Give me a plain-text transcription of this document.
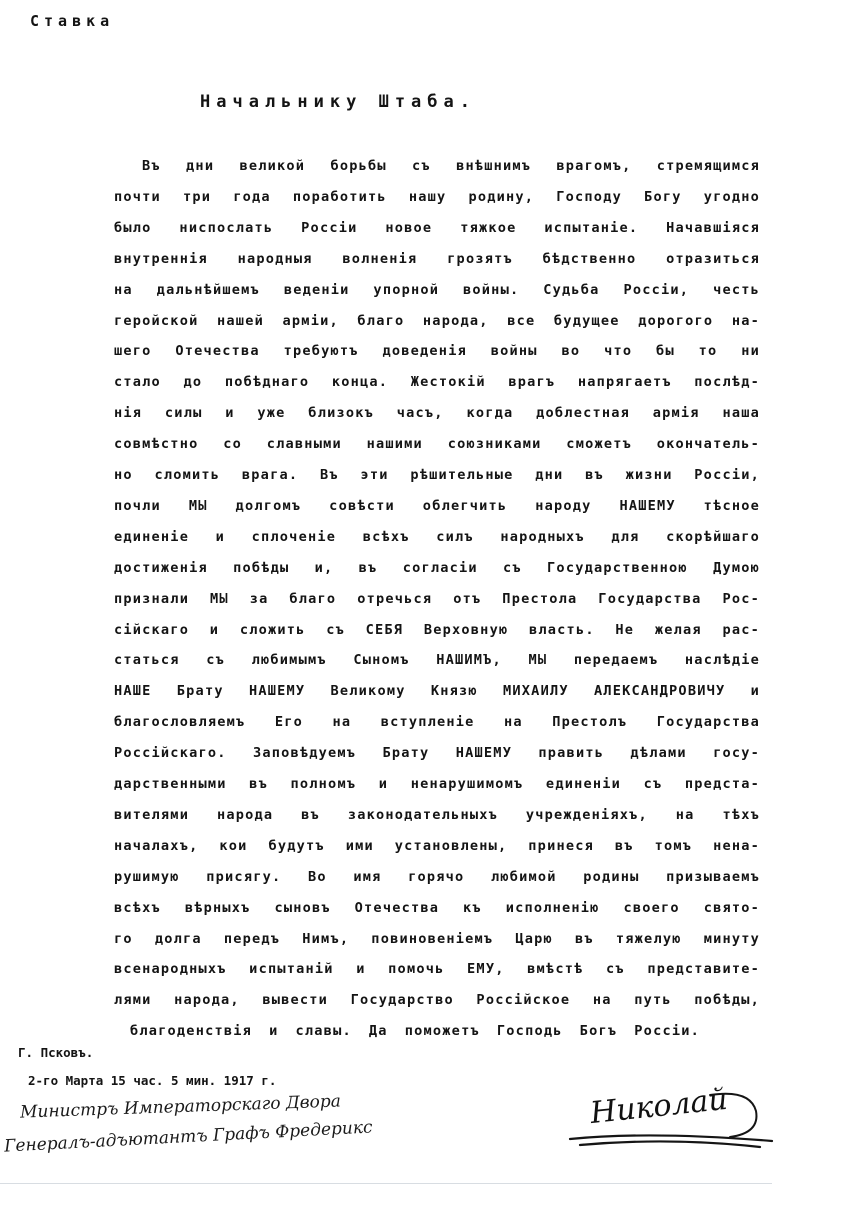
Ставка
Начальнику Штаба.
Въ дни великой борьбы съ внѣшнимъ врагомъ, стремящимся
почти три года поработить нашу родину, Господу Богу угодно
было ниспослать Россіи новое тяжкое испытаніе. Начавшіяся
внутреннія народныя волненія грозятъ бѣдственно отразиться
на дальнѣйшемъ веденіи упорной войны. Судьба Россіи, честь
геройской нашей арміи, благо народа, все будущее дорогого на-
шего Отечества требуютъ доведенія войны во что бы то ни
стало до побѣднаго конца. Жестокій врагъ напрягаетъ послѣд-
нія силы и уже близокъ часъ, когда доблестная армія наша
совмѣстно со славными нашими союзниками сможетъ окончатель-
но сломить врага. Въ эти рѣшительные дни въ жизни Россіи,
почли МЫ долгомъ совѣсти облегчить народу НАШЕМУ тѣсное
единеніе и сплоченіе всѣхъ силъ народныхъ для скорѣйшаго
достиженія побѣды и, въ согласіи съ Государственною Думою
признали МЫ за благо отречься отъ Престола Государства Рос-
сійскаго и сложить съ СЕБЯ Верховную власть. Не желая рас-
статься съ любимымъ Сыномъ НАШИМЪ, МЫ передаемъ наслѣдіе
НАШЕ Брату НАШЕМУ Великому Князю МИХАИЛУ АЛЕКСАНДРОВИЧУ и
благословляемъ Его на вступленіе на Престолъ Государства
Россійскаго. Заповѣдуемъ Брату НАШЕМУ править дѣлами госу-
дарственными въ полномъ и ненарушимомъ единеніи съ предста-
вителями народа въ законодательныхъ учрежденіяхъ, на тѣхъ
началахъ, кои будутъ ими установлены, принеся въ томъ нена-
рушимую присягу. Во имя горячо любимой родины призываемъ
всѣхъ вѣрныхъ сыновъ Отечества къ исполненію своего свято-
го долга передъ Нимъ, повиновеніемъ Царю въ тяжелую минуту
всенародныхъ испытаній и помочь ЕМУ, вмѣстѣ съ представите-
лями народа, вывести Государство Россійское на путь побѣды,
благоденствія и славы. Да поможетъ Господь Богъ Россіи.
Г. Псковъ.
2-го Марта 15 час. 5 мин. 1917 г.
Министръ Императорскаго Двора
Генералъ-адъютантъ Графъ Фредерикс
Николай
